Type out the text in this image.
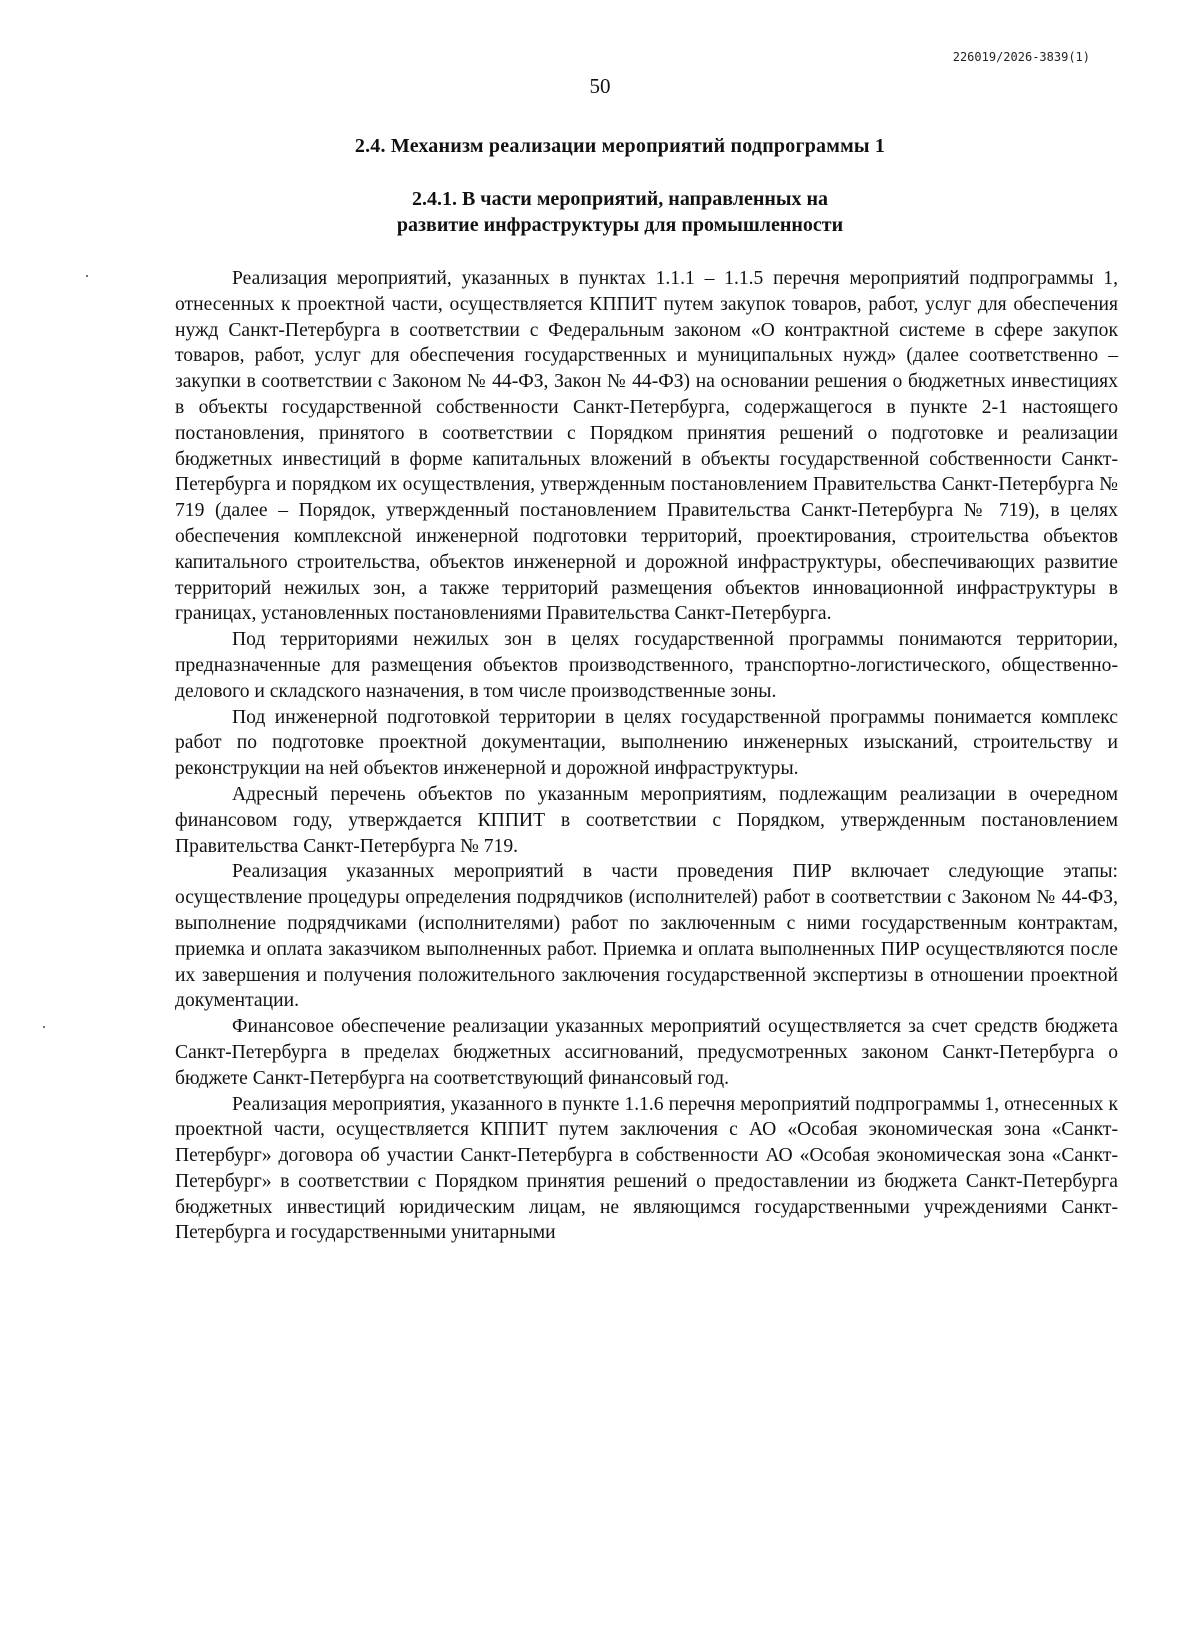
226019/2026-3839(1)
50
2.4. Механизм реализации мероприятий подпрограммы 1
2.4.1. В части мероприятий, направленных на
развитие инфраструктуры для промышленности

Реализация мероприятий, указанных в пунктах 1.1.1 – 1.1.5 перечня мероприятий подпрограммы 1, отнесенных к проектной части, осуществляется КППИТ путем закупок товаров, работ, услуг для обеспечения нужд Санкт-Петербурга в соответствии с Федеральным законом «О контрактной системе в сфере закупок товаров, работ, услуг для обеспечения государственных и муниципальных нужд» (далее соответственно – закупки в соответствии с Законом № 44-ФЗ, Закон № 44-ФЗ) на основании решения о бюджетных инвестициях в объекты государственной собственности Санкт-Петербурга, содержащегося в пункте 2-1 настоящего постановления, принятого в соответствии с Порядком принятия решений о подготовке и реализации бюджетных инвестиций в форме капитальных вложений в объекты государственной собственности Санкт-Петербурга и порядком их осуществления, утвержденным постановлением Правительства Санкт-Петербурга № 719 (далее – Порядок, утвержденный постановлением Правительства Санкт-Петербурга № 719), в целях обеспечения комплексной инженерной подготовки территорий, проектирования, строительства объектов капитального строительства, объектов инженерной и дорожной инфраструктуры, обеспечивающих развитие территорий нежилых зон, а также территорий размещения объектов инновационной инфраструктуры в границах, установленных постановлениями Правительства Санкт-Петербурга.

Под территориями нежилых зон в целях государственной программы понимаются территории, предназначенные для размещения объектов производственного, транспортно-логистического, общественно-делового и складского назначения, в том числе производственные зоны.

Под инженерной подготовкой территории в целях государственной программы понимается комплекс работ по подготовке проектной документации, выполнению инженерных изысканий, строительству и реконструкции на ней объектов инженерной и дорожной инфраструктуры.

Адресный перечень объектов по указанным мероприятиям, подлежащим реализации в очередном финансовом году, утверждается КППИТ в соответствии с Порядком, утвержденным постановлением Правительства Санкт-Петербурга № 719.

Реализация указанных мероприятий в части проведения ПИР включает следующие этапы: осуществление процедуры определения подрядчиков (исполнителей) работ в соответствии с Законом № 44-ФЗ, выполнение подрядчиками (исполнителями) работ по заключенным с ними государственным контрактам, приемка и оплата заказчиком выполненных работ. Приемка и оплата выполненных ПИР осуществляются после их завершения и получения положительного заключения государственной экспертизы в отношении проектной документации.

Финансовое обеспечение реализации указанных мероприятий осуществляется за счет средств бюджета Санкт-Петербурга в пределах бюджетных ассигнований, предусмотренных законом Санкт-Петербурга о бюджете Санкт-Петербурга на соответствующий финансовый год.

Реализация мероприятия, указанного в пункте 1.1.6 перечня мероприятий подпрограммы 1, отнесенных к проектной части, осуществляется КППИТ путем заключения с АО «Особая экономическая зона «Санкт-Петербург» договора об участии Санкт-Петербурга в собственности АО «Особая экономическая зона «Санкт-Петербург» в соответствии с Порядком принятия решений о предоставлении из бюджета Санкт-Петербурга бюджетных инвестиций юридическим лицам, не являющимся государственными учреждениями Санкт-Петербурга и государственными унитарными
